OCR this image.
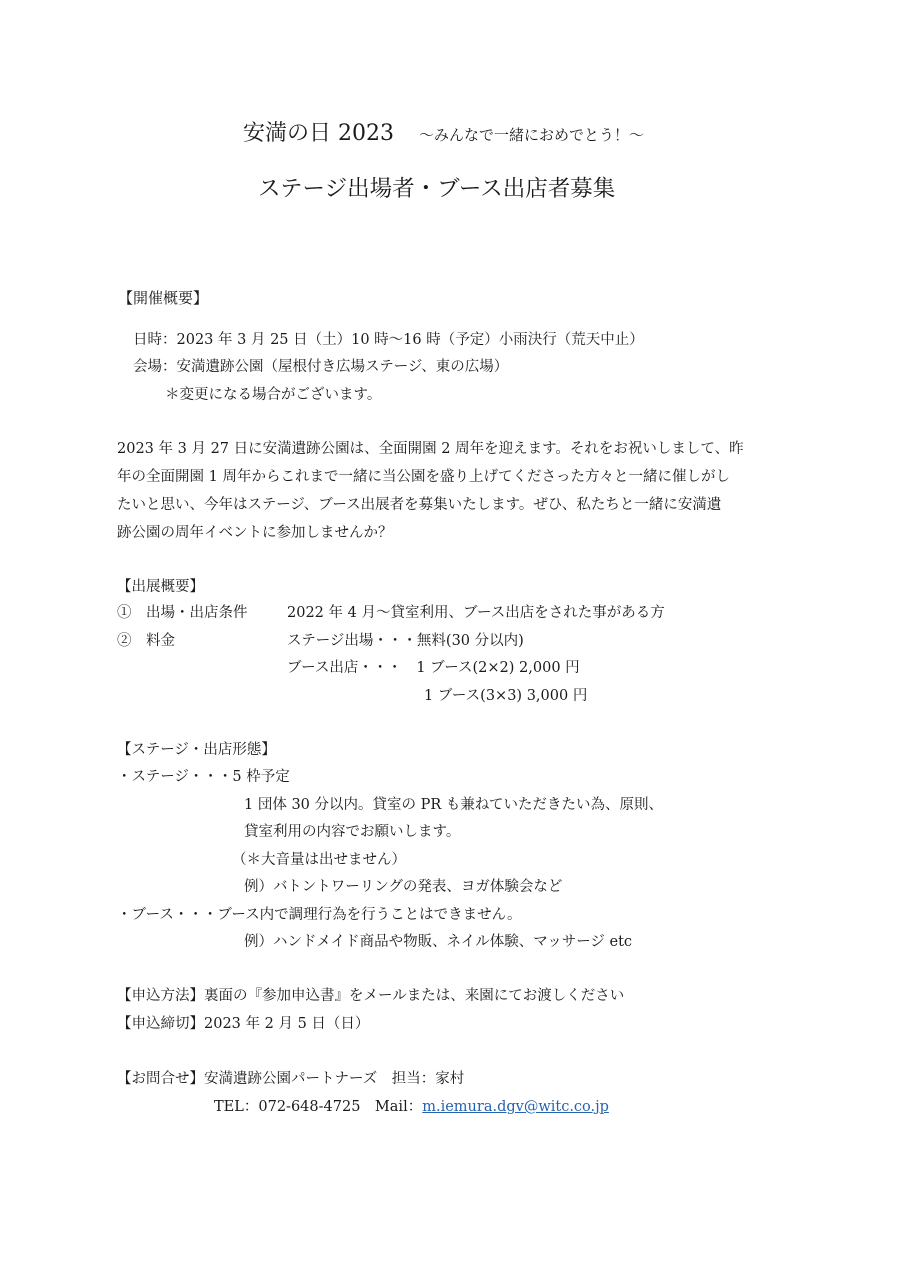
安満の日 2023 ～みんなで一緒におめでとう！～
ステージ出場者・ブース出店者募集
【開催概要】
日時：2023 年 3 月 25 日（土）10 時～16 時（予定）小雨決行（荒天中止）
会場：安満遺跡公園（屋根付き広場ステージ、東の広場）
＊変更になる場合がございます。
2023 年 3 月 27 日に安満遺跡公園は、全面開園 2 周年を迎えます。それをお祝いしまして、昨
年の全面開園 1 周年からこれまで一緒に当公園を盛り上げてくださった方々と一緒に催しがし
たいと思い、今年はステージ、ブース出展者を募集いたします。ぜひ、私たちと一緒に安満遺
跡公園の周年イベントに参加しませんか？
【出展概要】
①　出場・出店条件	2022 年 4 月～貸室利用、ブース出店をされた事がある方
②　料金	ステージ出場・・・無料(30 分以内)
ブース出店・・・　1 ブース(2×2) 2,000 円
1 ブース(3×3) 3,000 円
【ステージ・出店形態】
・ステージ・・・5 枠予定
1 団体 30 分以内。貸室の PR も兼ねていただきたい為、原則、
貸室利用の内容でお願いします。
（＊大音量は出せません）
例）バトントワーリングの発表、ヨガ体験会など
・ブース・・・ブース内で調理行為を行うことはできません。
例）ハンドメイド商品や物販、ネイル体験、マッサージ etc
【申込方法】裏面の『参加申込書』をメールまたは、来園にてお渡しください
【申込締切】2023 年 2 月 5 日（日）
【お問合せ】安満遺跡公園パートナーズ　担当：家村
TEL：072-648-4725　Mail：m.iemura.dgv@witc.co.jp
